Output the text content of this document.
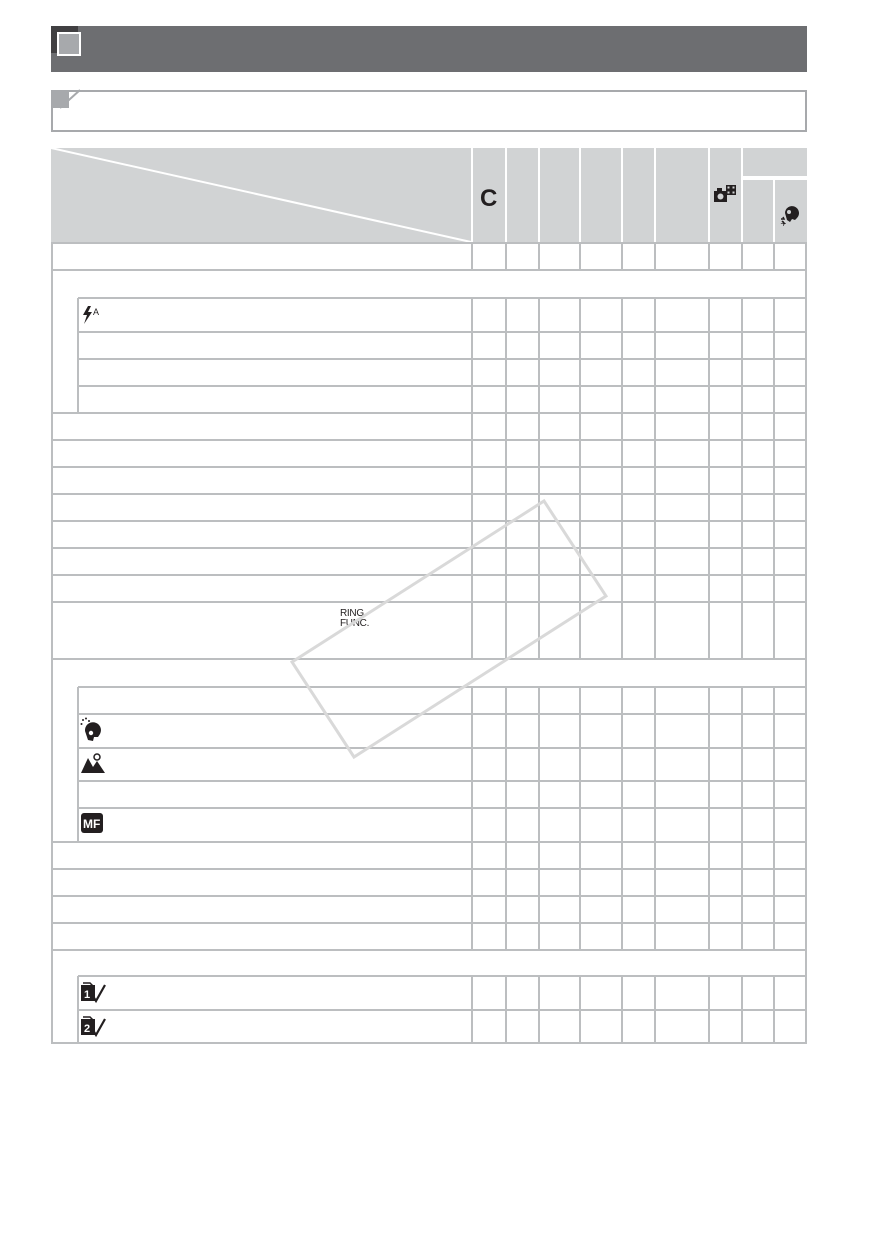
C
+
A
RING
FUNC.
MF
1
2
